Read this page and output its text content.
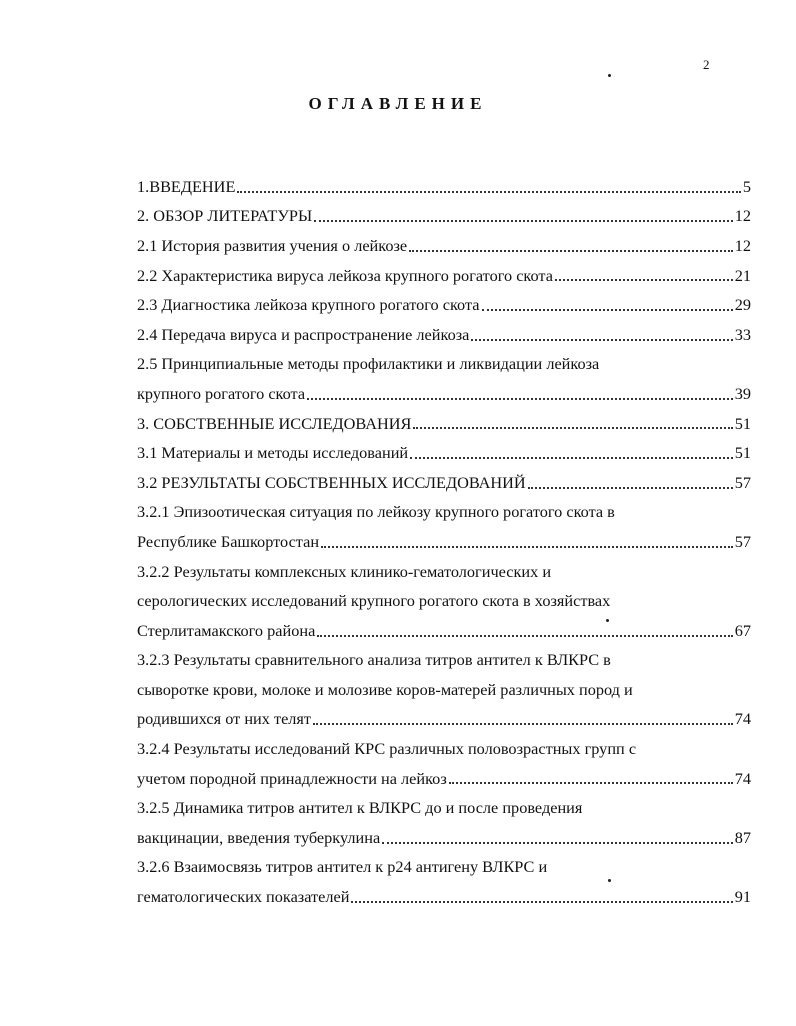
2
ОГЛАВЛЕНИЕ
1.ВВЕДЕНИЕ	5
2. ОБЗОР ЛИТЕРАТУРЫ	12
2.1 История развития учения о лейкозе	12
2.2 Характеристика вируса лейкоза крупного рогатого скота	21
2.3 Диагностика лейкоза крупного рогатого скота	29
2.4 Передача вируса и распространение лейкоза	33
2.5 Принципиальные методы профилактики и ликвидации лейкоза
крупного рогатого скота	39
3. СОБСТВЕННЫЕ ИССЛЕДОВАНИЯ	51
3.1 Материалы и методы исследований	51
3.2 РЕЗУЛЬТАТЫ СОБСТВЕННЫХ ИССЛЕДОВАНИЙ	57
3.2.1 Эпизоотическая ситуация по лейкозу крупного рогатого скота в
Республике Башкортостан	57
3.2.2 Результаты комплексных клинико-гематологических и
серологических исследований крупного рогатого скота в хозяйствах
Стерлитамакского района	67
3.2.3 Результаты сравнительного анализа титров антител к ВЛКРС в
сыворотке крови, молоке и молозиве коров-матерей различных пород и
родившихся от них телят	74
3.2.4 Результаты исследований КРС различных половозрастных групп с
учетом породной принадлежности на лейкоз	74
3.2.5 Динамика титров антител к ВЛКРС до и после проведения
вакцинации, введения туберкулина	87
3.2.6 Взаимосвязь титров антител к p24 антигену ВЛКРС и
гематологических показателей	91
